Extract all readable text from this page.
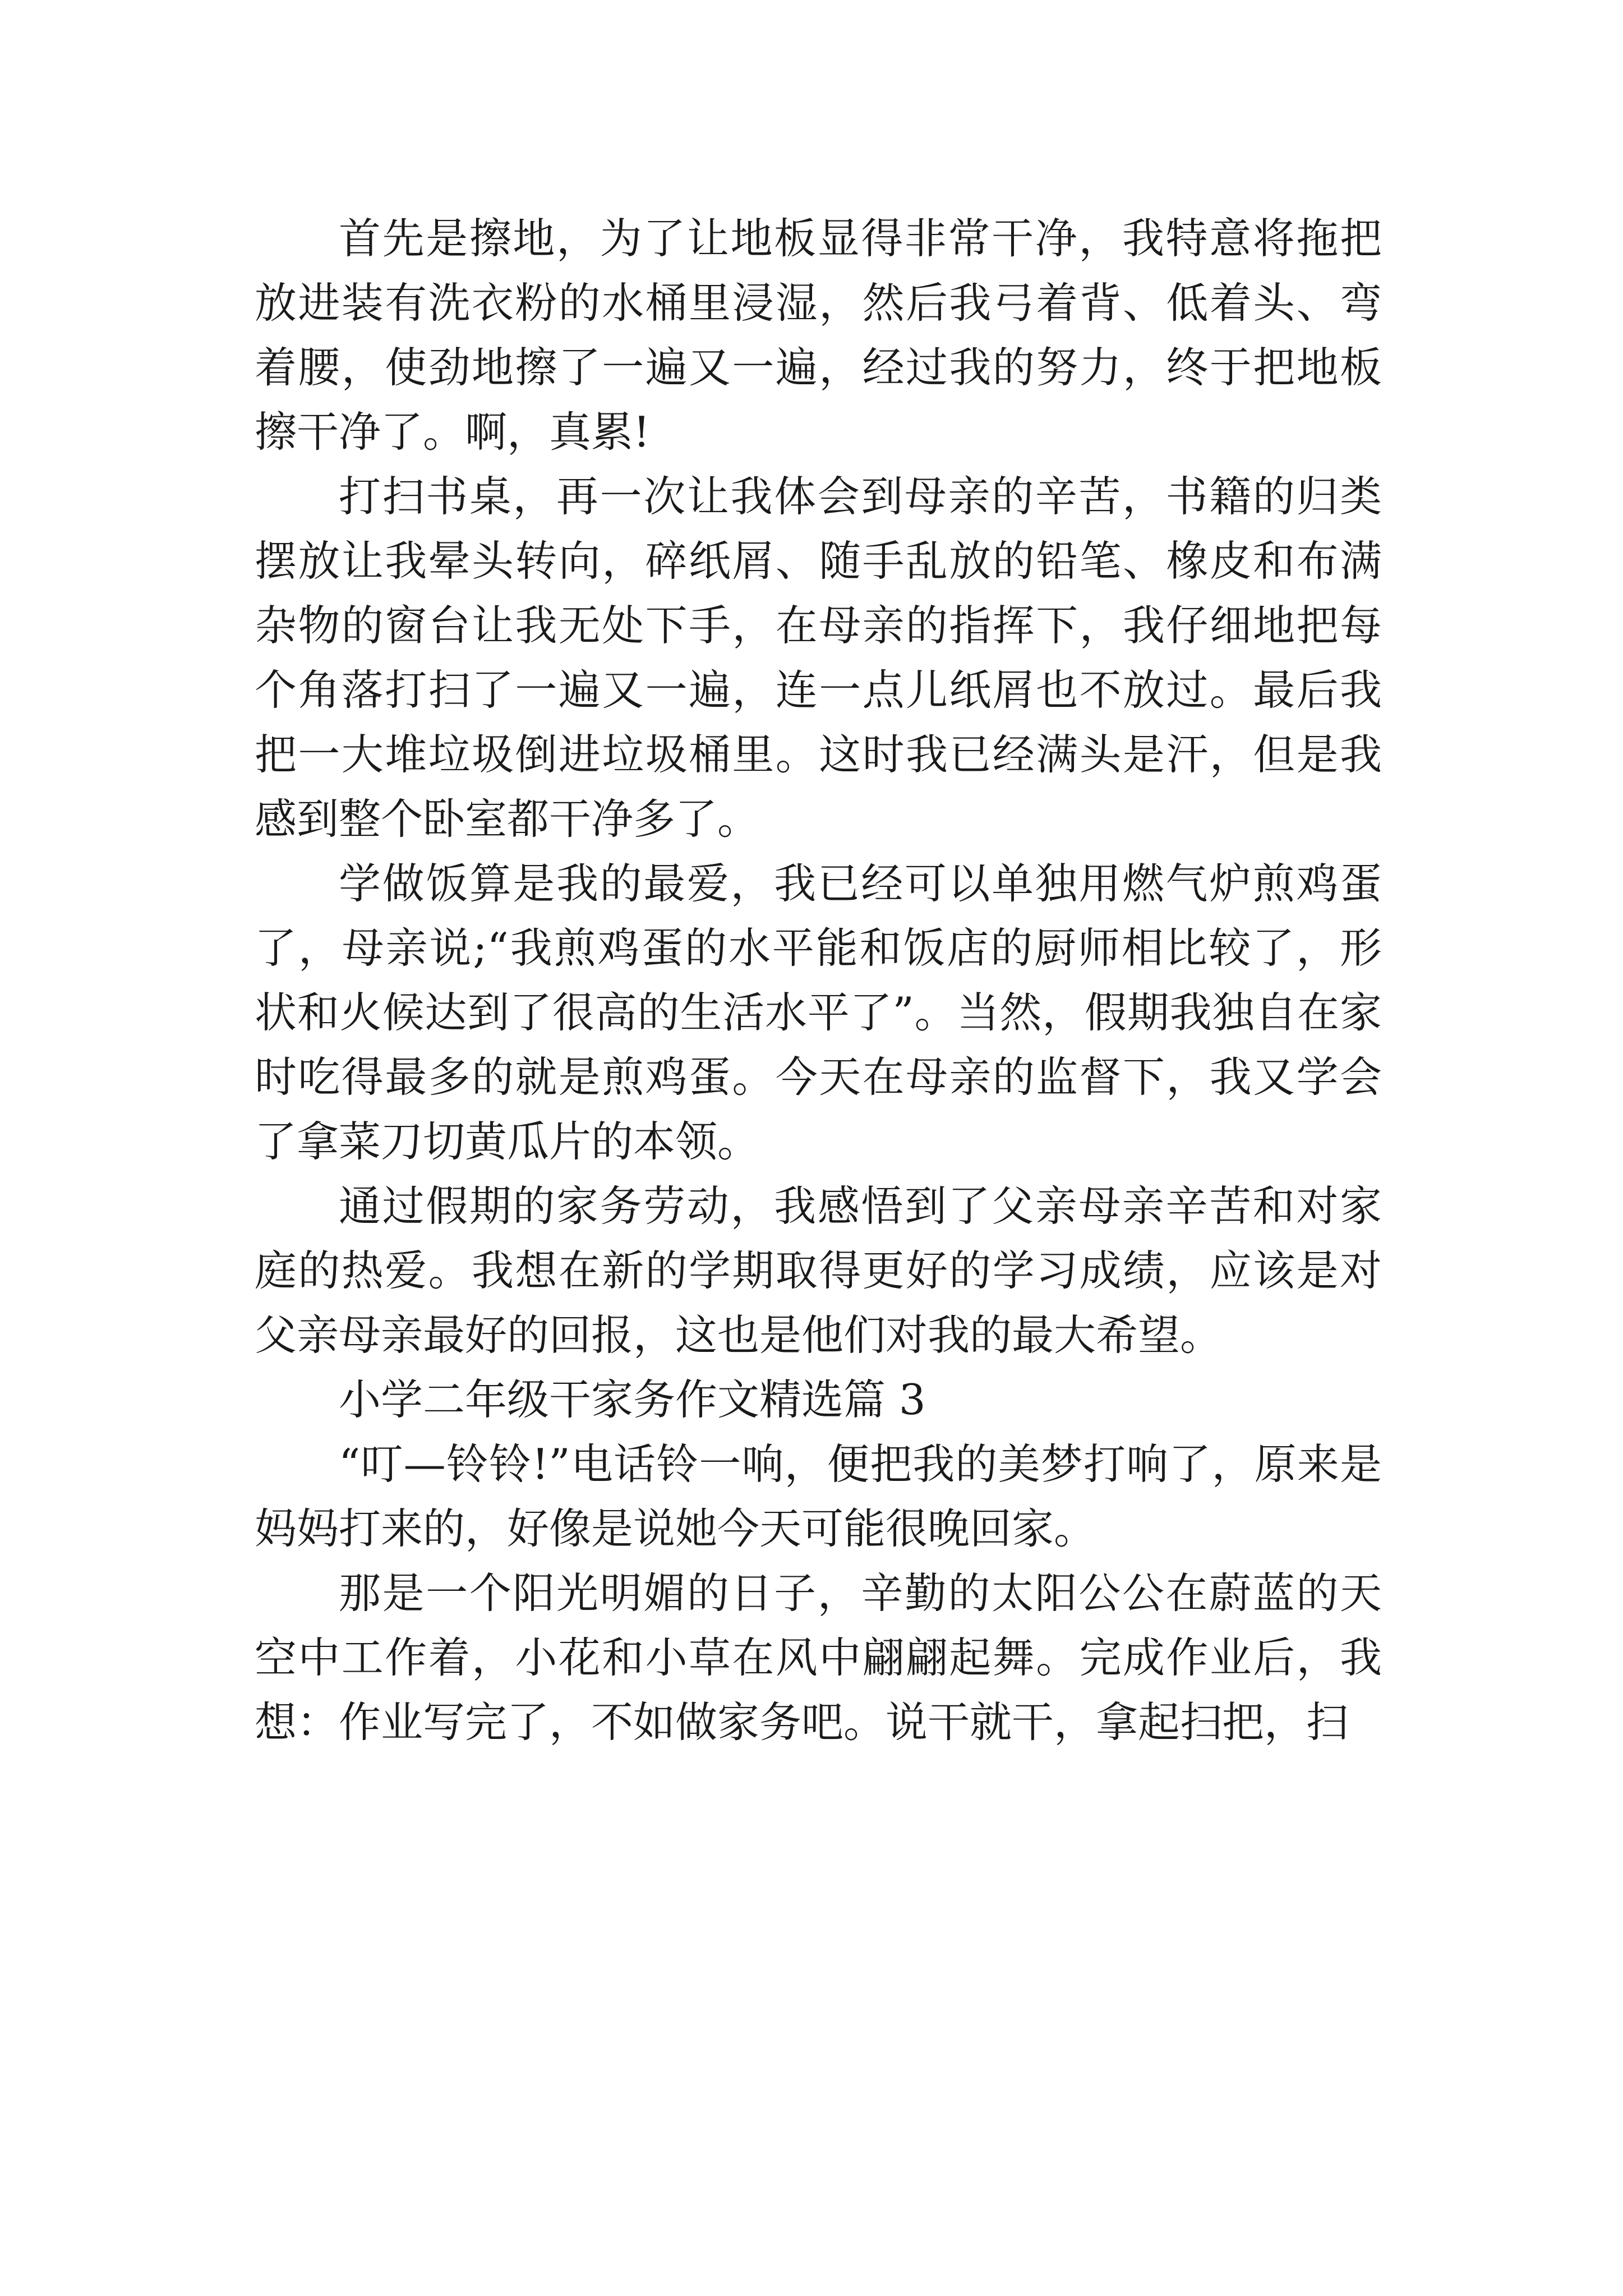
首先是擦地，为了让地板显得非常干净，我特意将拖把放进装有洗衣粉的水桶里浸湿，然后我弓着背、低着头、弯着腰，使劲地擦了一遍又一遍，经过我的努力，终于把地板擦干净了。啊，真累!

打扫书桌，再一次让我体会到母亲的辛苦，书籍的归类摆放让我晕头转向，碎纸屑、随手乱放的铅笔、橡皮和布满杂物的窗台让我无处下手，在母亲的指挥下，我仔细地把每个角落打扫了一遍又一遍，连一点儿纸屑也不放过。最后我把一大堆垃圾倒进垃圾桶里。这时我已经满头是汗，但是我感到整个卧室都干净多了。

学做饭算是我的最爱，我已经可以单独用燃气炉煎鸡蛋了，母亲说;“我煎鸡蛋的水平能和饭店的厨师相比较了，形状和火候达到了很高的生活水平了”。当然，假期我独自在家时吃得最多的就是煎鸡蛋。今天在母亲的监督下，我又学会了拿菜刀切黄瓜片的本领。

通过假期的家务劳动，我感悟到了父亲母亲辛苦和对家庭的热爱。我想在新的学期取得更好的学习成绩，应该是对父亲母亲最好的回报，这也是他们对我的最大希望。

小学二年级干家务作文精选篇 3

“叮—铃铃!”电话铃一响，便把我的美梦打响了，原来是妈妈打来的，好像是说她今天可能很晚回家。

那是一个阳光明媚的日子，辛勤的太阳公公在蔚蓝的天空中工作着，小花和小草在风中翩翩起舞。完成作业后，我想：作业写完了，不如做家务吧。说干就干，拿起扫把，扫
